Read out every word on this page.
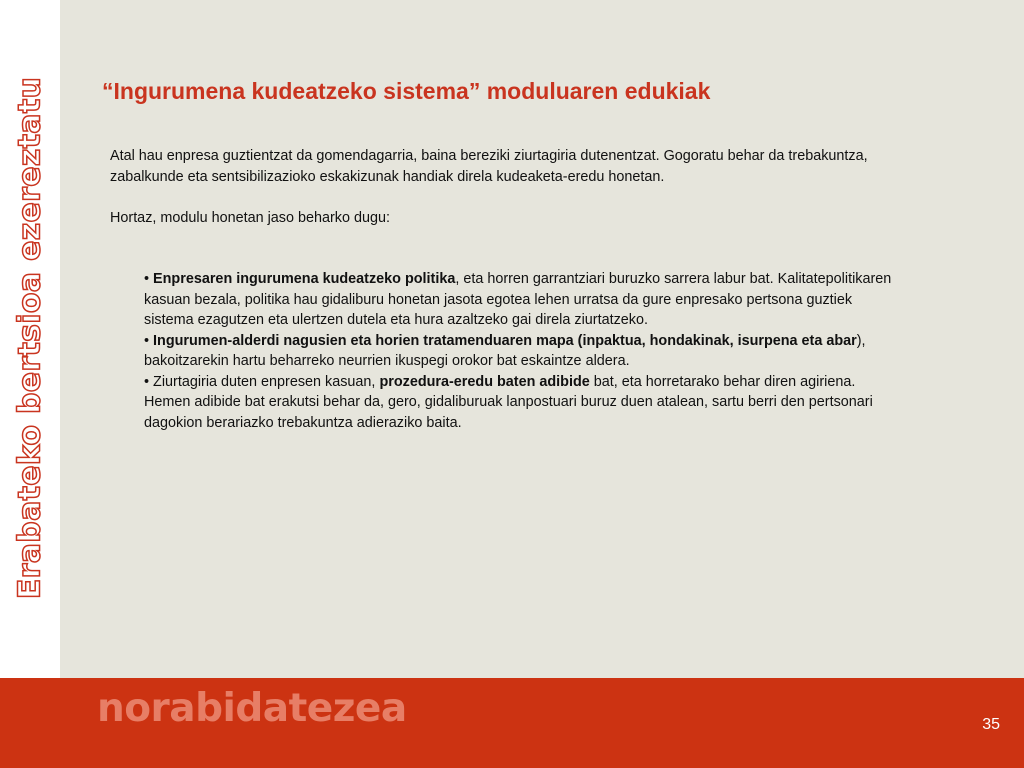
Erabateko bertsioa ezereztatu “Ingurumena kudeatzeko sistema” moduluaren edukiak

Atal hau enpresa guztientzat da gomendagarria, baina bereziki ziurtagiria dutenentzat. Gogoratu behar da trebakuntza, zabalkunde eta sentsibilizazioko eskakizunak handiak direla kudeaketa-eredu honetan.

Hortaz, modulu honetan jaso beharko dugu:

• Enpresaren ingurumena kudeatzeko politika, eta horren garrantziari buruzko sarrera labur bat. Kalitatepolitikaren kasuan bezala, politika hau gidaliburu honetan jasota egotea lehen urratsa da gure enpresako pertsona guztiek sistema ezagutzen eta ulertzen dutela eta hura azaltzeko gai direla ziurtatzeko.

• Ingurumen-alderdi nagusien eta horien tratamenduaren mapa (inpaktua, hondakinak, isurpena eta abar), bakoitzarekin hartu beharreko neurrien ikuspegi orokor bat eskaintze aldera.

• Ziurtagiria duten enpresen kasuan, prozedura-eredu baten adibide bat, eta horretarako behar diren agiriena. Hemen adibide bat erakutsi behar da, gero, gidaliburuak lanpostuari buruz duen atalean, sartu berri den pertsonari dagokion berariazko trebakuntza adieraziko baita.

norabidatezea	35
